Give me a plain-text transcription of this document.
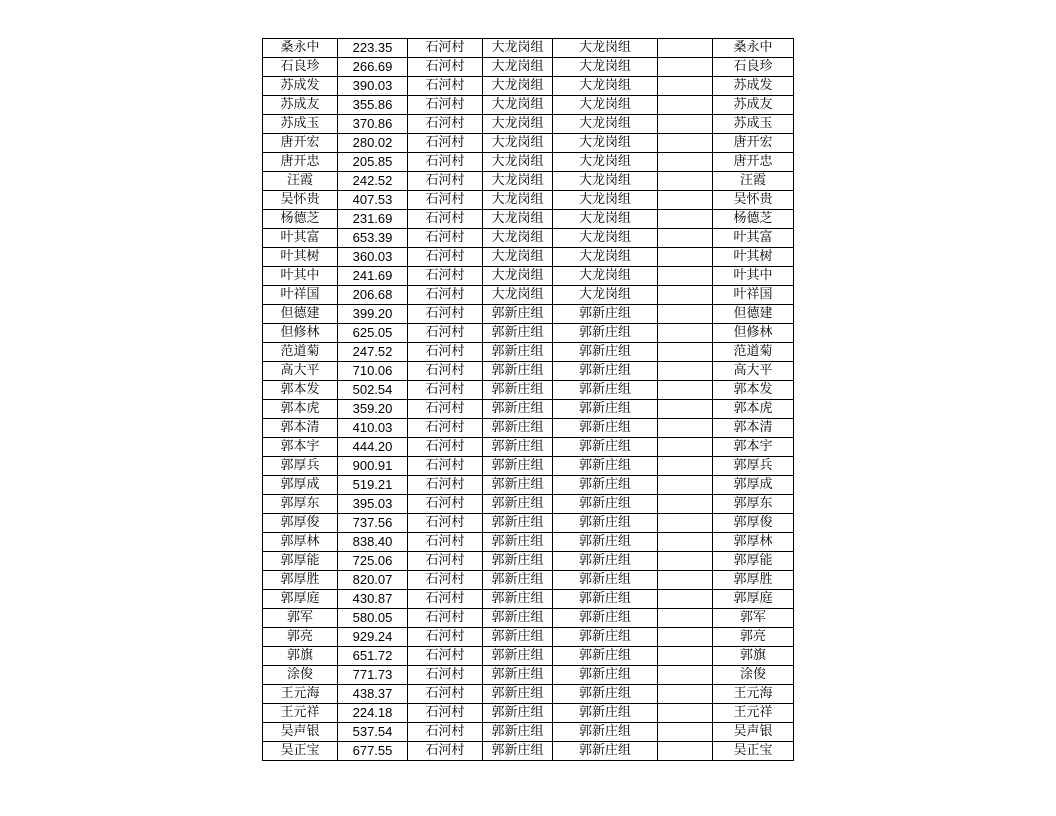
桑永中	223.35	石河村	大龙岗组	大龙岗组		桑永中
石良珍	266.69	石河村	大龙岗组	大龙岗组		石良珍
苏成发	390.03	石河村	大龙岗组	大龙岗组		苏成发
苏成友	355.86	石河村	大龙岗组	大龙岗组		苏成友
苏成玉	370.86	石河村	大龙岗组	大龙岗组		苏成玉
唐开宏	280.02	石河村	大龙岗组	大龙岗组		唐开宏
唐开忠	205.85	石河村	大龙岗组	大龙岗组		唐开忠
汪霞	242.52	石河村	大龙岗组	大龙岗组		汪霞
吴怀贵	407.53	石河村	大龙岗组	大龙岗组		吴怀贵
杨德芝	231.69	石河村	大龙岗组	大龙岗组		杨德芝
叶其富	653.39	石河村	大龙岗组	大龙岗组		叶其富
叶其树	360.03	石河村	大龙岗组	大龙岗组		叶其树
叶其中	241.69	石河村	大龙岗组	大龙岗组		叶其中
叶祥国	206.68	石河村	大龙岗组	大龙岗组		叶祥国
但德建	399.20	石河村	郭新庄组	郭新庄组		但德建
但修林	625.05	石河村	郭新庄组	郭新庄组		但修林
范道菊	247.52	石河村	郭新庄组	郭新庄组		范道菊
高大平	710.06	石河村	郭新庄组	郭新庄组		高大平
郭本发	502.54	石河村	郭新庄组	郭新庄组		郭本发
郭本虎	359.20	石河村	郭新庄组	郭新庄组		郭本虎
郭本清	410.03	石河村	郭新庄组	郭新庄组		郭本清
郭本宇	444.20	石河村	郭新庄组	郭新庄组		郭本宇
郭厚兵	900.91	石河村	郭新庄组	郭新庄组		郭厚兵
郭厚成	519.21	石河村	郭新庄组	郭新庄组		郭厚成
郭厚东	395.03	石河村	郭新庄组	郭新庄组		郭厚东
郭厚俊	737.56	石河村	郭新庄组	郭新庄组		郭厚俊
郭厚林	838.40	石河村	郭新庄组	郭新庄组		郭厚林
郭厚能	725.06	石河村	郭新庄组	郭新庄组		郭厚能
郭厚胜	820.07	石河村	郭新庄组	郭新庄组		郭厚胜
郭厚庭	430.87	石河村	郭新庄组	郭新庄组		郭厚庭
郭军	580.05	石河村	郭新庄组	郭新庄组		郭军
郭亮	929.24	石河村	郭新庄组	郭新庄组		郭亮
郭旗	651.72	石河村	郭新庄组	郭新庄组		郭旗
涂俊	771.73	石河村	郭新庄组	郭新庄组		涂俊
王元海	438.37	石河村	郭新庄组	郭新庄组		王元海
王元祥	224.18	石河村	郭新庄组	郭新庄组		王元祥
吴声银	537.54	石河村	郭新庄组	郭新庄组		吴声银
吴正宝	677.55	石河村	郭新庄组	郭新庄组		吴正宝
